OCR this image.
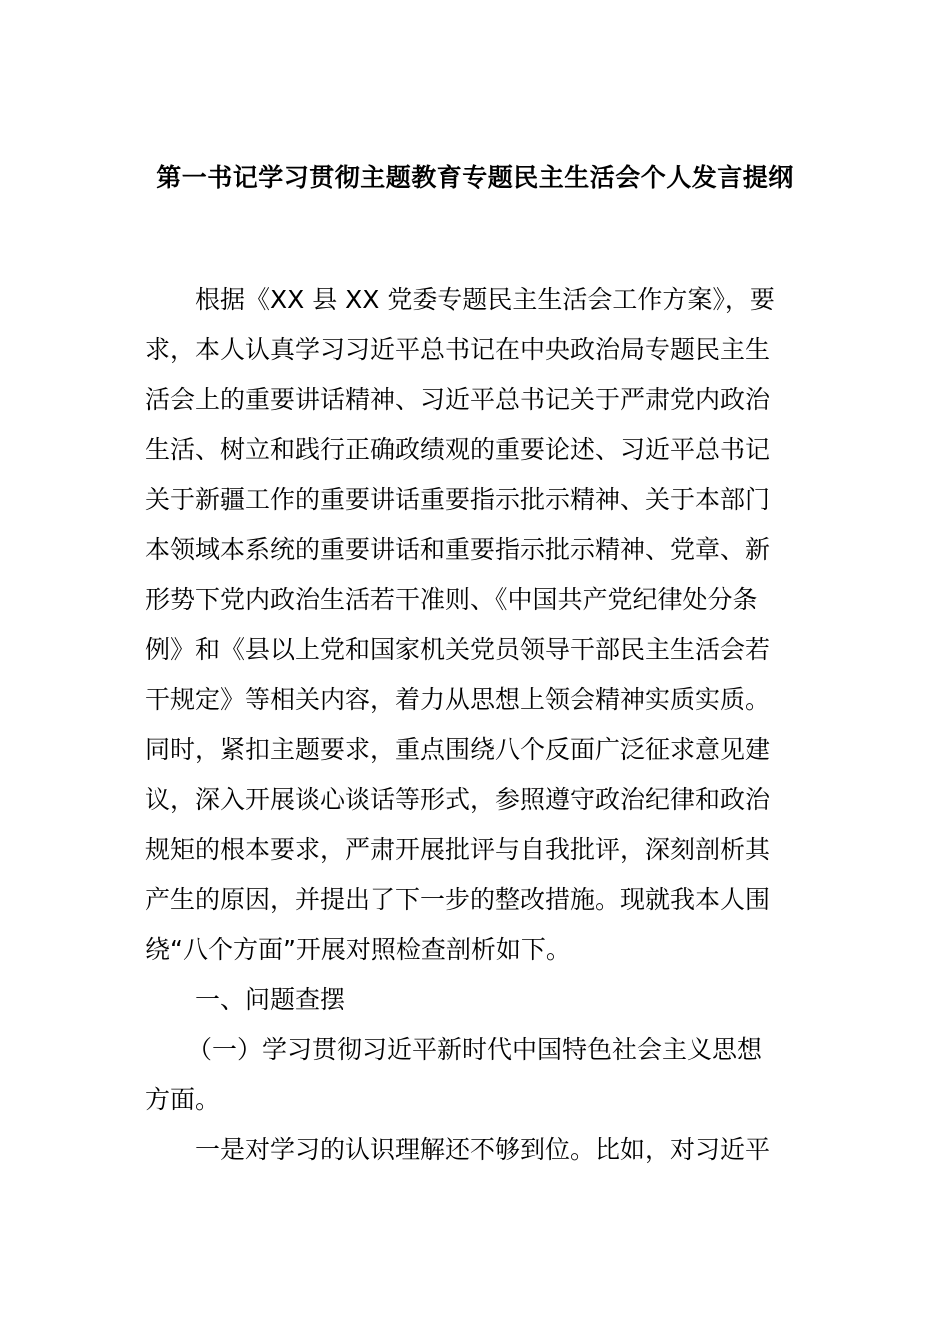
第一书记学习贯彻主题教育专题民主生活会个人发言提纲
根据《XX 县 XX 党委专题民主生活会工作方案》，要
求，本人认真学习习近平总书记在中央政治局专题民主生
活会上的重要讲话精神、习近平总书记关于严肃党内政治
生活、树立和践行正确政绩观的重要论述、习近平总书记
关于新疆工作的重要讲话重要指示批示精神、关于本部门
本领域本系统的重要讲话和重要指示批示精神、党章、新
形势下党内政治生活若干准则、《中国共产党纪律处分条
例》和《县以上党和国家机关党员领导干部民主生活会若
干规定》等相关内容，着力从思想上领会精神实质实质。
同时，紧扣主题要求，重点围绕八个反面广泛征求意见建
议，深入开展谈心谈话等形式，参照遵守政治纪律和政治
规矩的根本要求，严肃开展批评与自我批评，深刻剖析其
产生的原因，并提出了下一步的整改措施。现就我本人围
绕“八个方面”开展对照检查剖析如下。
一、问题查摆
（一）学习贯彻习近平新时代中国特色社会主义思想
方面。
一是对学习的认识理解还不够到位。比如，对习近平
